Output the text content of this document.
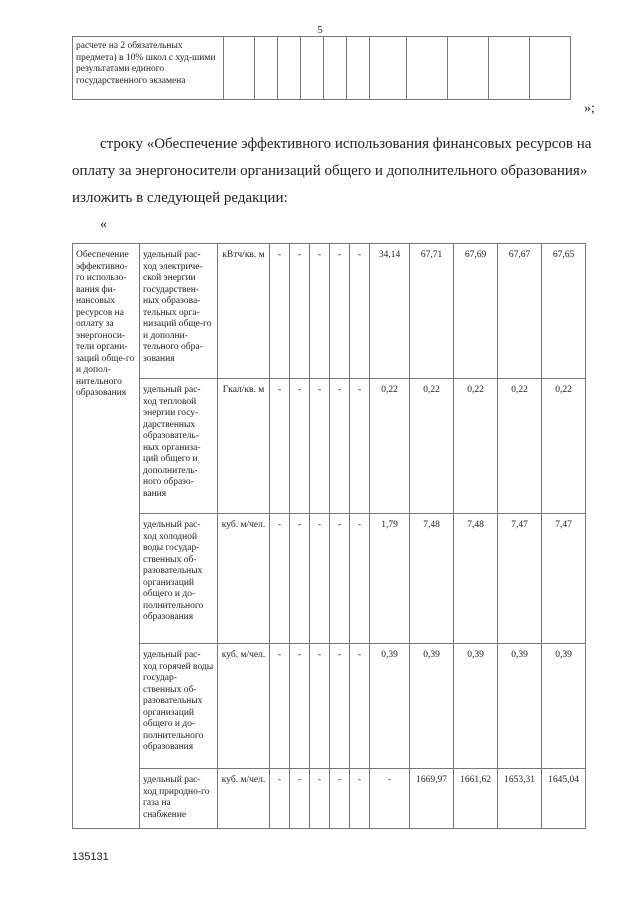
5
расчете на 2 обязательных предмета) в 10% школ с худ-шими результатами единого государственного экзамена

»;
строку «Обеспечение эффективного использования финансовых ресурсов на оплату за энергоносители организаций общего и дополнительного образования» изложить в следующей редакции:
«
Обеспечение эффективно-го использо-вания фи-нансовых ресурсов на оплату за энергоноси-тели органи-заций обще-го и допол-нительного образования	удельный рас-ход электриче-ской энергии государствен-ных образова-тельных орга-низаций обще-го и дополни-тельного обра-зования	кВтч/кв. м	-	-	-	-	-	34,14	67,71	67,69	67,67	67,65
	удельный рас-ход тепловой энергии госу-дарственных образователь-ных организа-ций общего и дополнитель-ного образо-вания	Гкал/кв. м	-	-	-	-	-	0,22	0,22	0,22	0,22	0,22
	удельный рас-ход холодной воды государ-ственных об-разовательных организаций общего и до-полнительного образования	куб. м/чел.	-	-	-	-	-	1,79	7,48	7,48	7,47	7,47
	удельный рас-ход горячей воды государ-ственных об-разовательных организаций общего и до-полнительного образования	куб. м/чел.	-	-	-	-	-	0,39	0,39	0,39	0,39	0,39
	удельный рас-ход природно-го газа на снабжение	куб. м/чел.	-	-	-	-	-	-	1669,97	1661,62	1653,31	1645,04
135131
